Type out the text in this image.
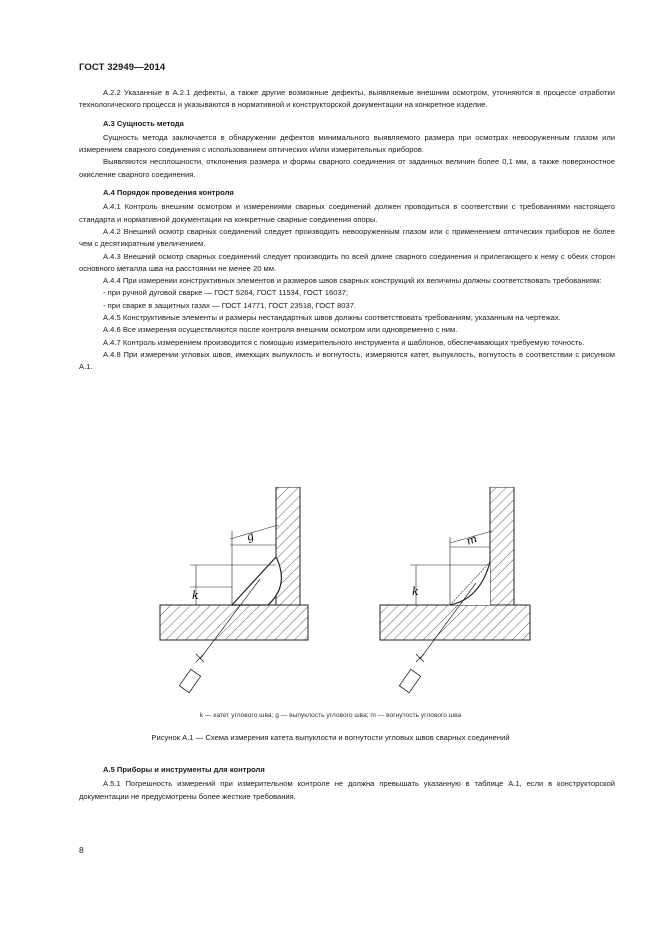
ГОСТ 32949—2014

А.2.2 Указанные в А.2.1 дефекты, а также другие возможные дефекты, выявляемые внешним осмотром, уточняются в процессе отработки технологического процесса и указываются в нормативной и конструкторской документации на конкретное изделие.

А.3 Сущность метода

Сущность метода заключается в обнаружении дефектов минимального выявляемого размера при осмотрах невооруженным глазом или измерением сварного соединения с использованием оптических и/или измерительных приборов.

Выявляются несплошности, отклонения размера и формы сварного соединения от заданных величин более 0,1 мм, а также поверхностное окисление сварного соединения.

А.4 Порядок проведения контроля

А.4.1 Контроль внешним осмотром и измерениями сварных соединений должен проводиться в соответствии с требованиями настоящего стандарта и нормативной документации на конкретные сварные соединения опоры.

А.4.2 Внешний осмотр сварных соединений следует производить невооруженным глазом или с применением оптических приборов не более чем с десятикратным увеличением.

А.4.3 Внешний осмотр сварных соединений следует производить по всей длине сварного соединения и прилегающего к нему с обеих сторон основного металла шва на расстоянии не менее 20 мм.

А.4.4 При измерении конструктивных элементов и размеров швов сварных конструкций их величины должны соответствовать требованиям:

- при ручной дуговой сварке — ГОСТ 5264, ГОСТ 11534, ГОСТ 16037;

- при сварке в защитных газах — ГОСТ 14771, ГОСТ 23518, ГОСТ 8037.

А.4.5 Конструктивные элементы и размеры нестандартных швов должны соответствовать требованиям, указанным на чертежах.

А.4.6 Все измерения осуществляются после контроля внешним осмотром или одновременно с ним.

А.4.7 Контроль измерением производится с помощью измерительного инструмента и шаблонов, обеспечивающих требуемую точность.

А.4.8 При измерении угловых швов, имеющих выпуклость и вогнутость, измеряются катет, выпуклость, вогнутость в соответствии с рисунком А.1.

k
g
k
m
k — катет углового шва; g — выпуклость углового шва; m — вогнутость углового шва
Рисунок А.1 — Схема измерения катета выпуклости и вогнутости угловых швов сварных соединений

А.5 Приборы и инструменты для контроля

А.5.1 Погрешность измерений при измерительном контроле не должна превышать указанную в таблице А.1, если в конструкторской документации не предусмотрены более жесткие требования.

8
